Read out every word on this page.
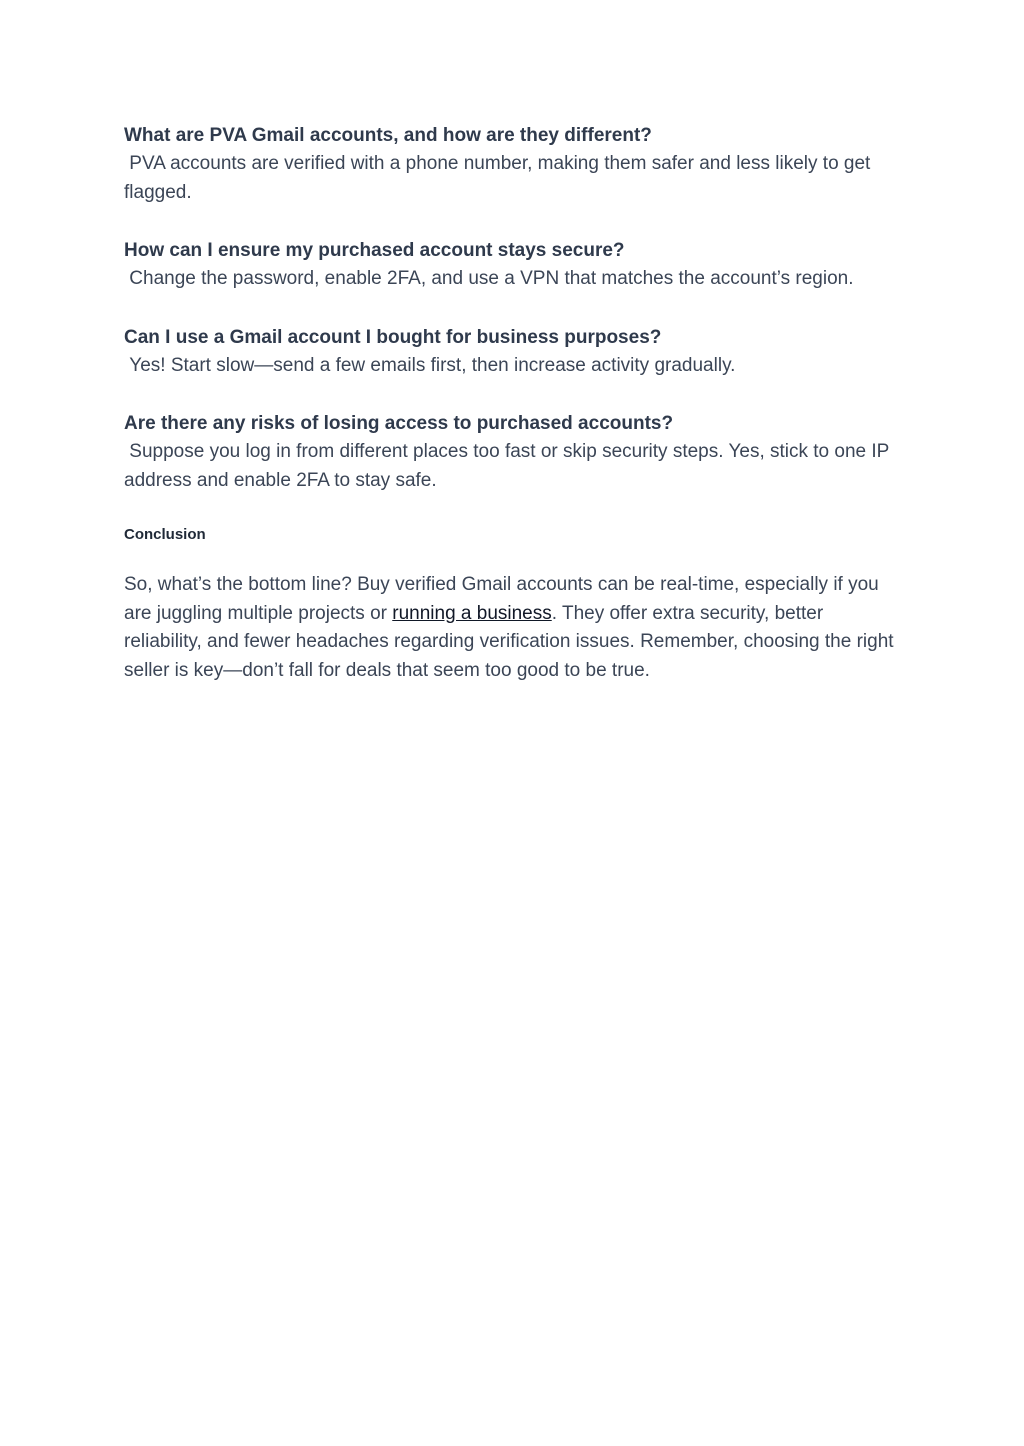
What are PVA Gmail accounts, and how are they different?

PVA accounts are verified with a phone number, making them safer and less likely to get flagged.

How can I ensure my purchased account stays secure?

Change the password, enable 2FA, and use a VPN that matches the account’s region.

Can I use a Gmail account I bought for business purposes?

Yes! Start slow—send a few emails first, then increase activity gradually.

Are there any risks of losing access to purchased accounts?

Suppose you log in from different places too fast or skip security steps. Yes, stick to one IP address and enable 2FA to stay safe.

Conclusion

So, what’s the bottom line? Buy verified Gmail accounts can be real-time, especially if you are juggling multiple projects or running a business. They offer extra security, better reliability, and fewer headaches regarding verification issues. Remember, choosing the right seller is key—don’t fall for deals that seem too good to be true.
